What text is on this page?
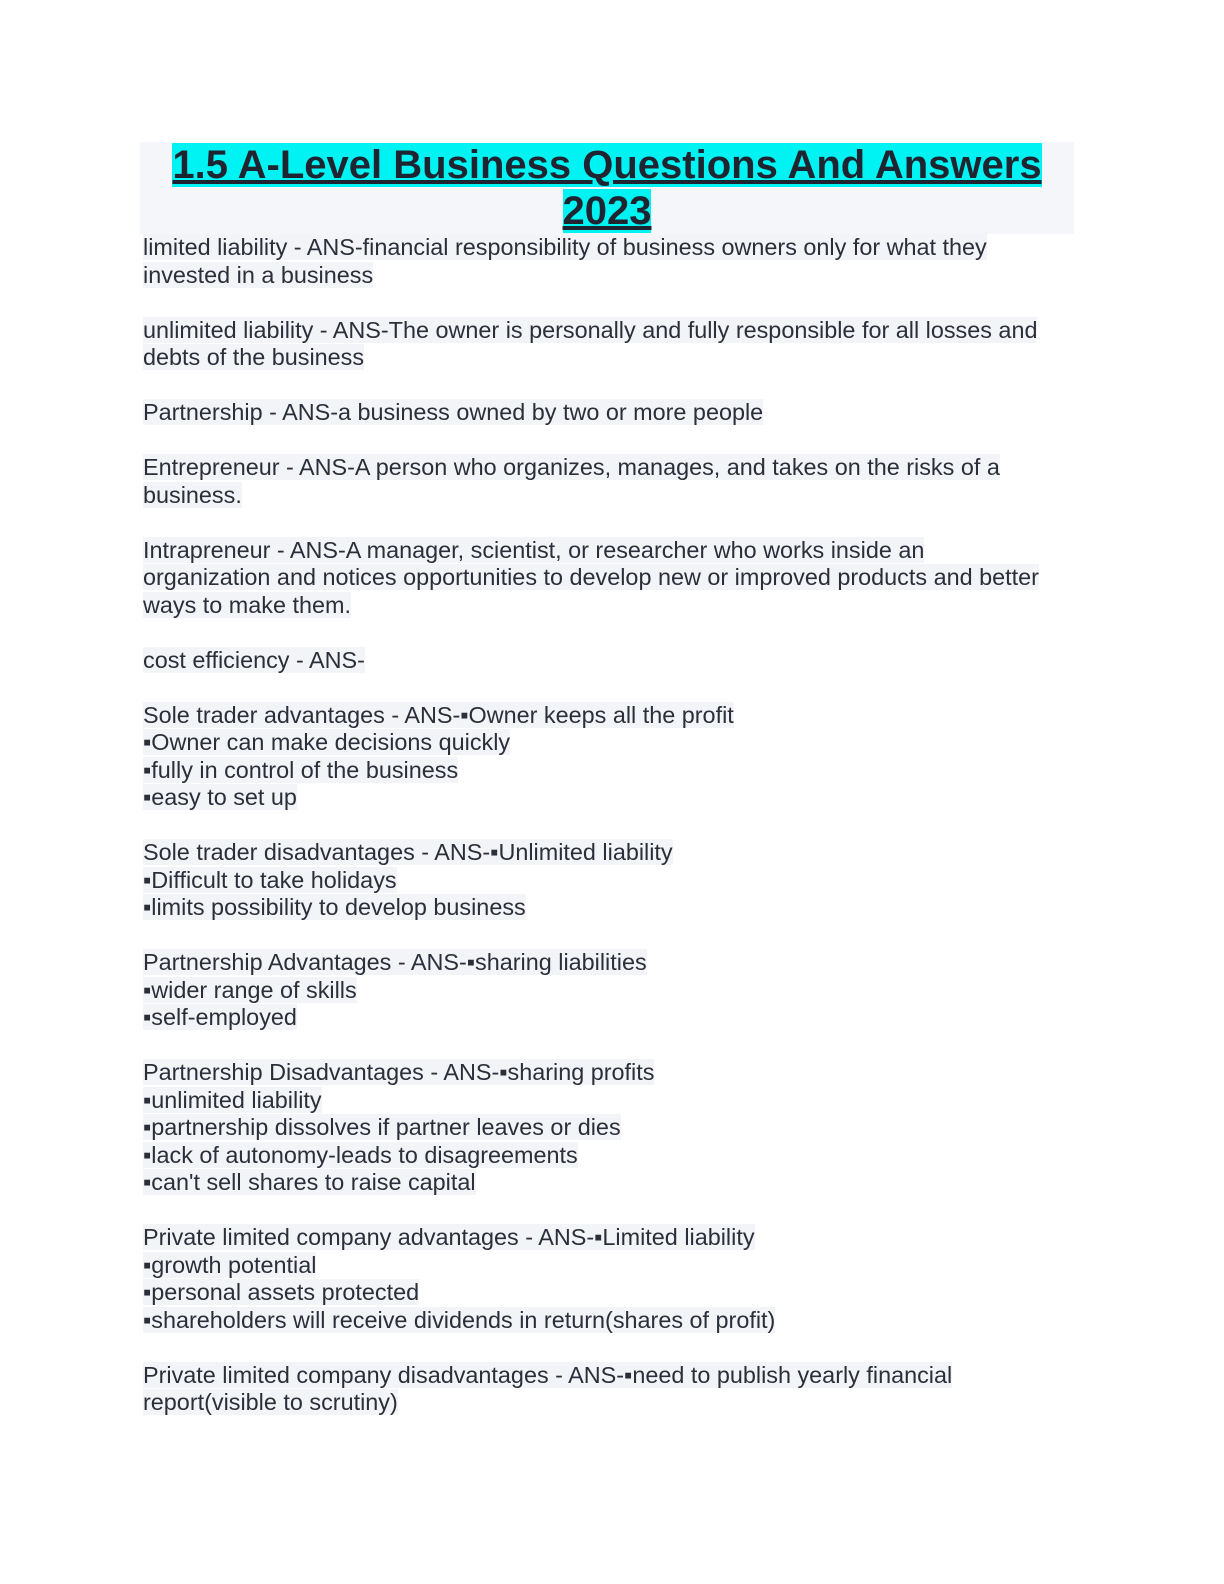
1.5 A-Level Business Questions And Answers
2023
limited liability - ANS-financial responsibility of business owners only for what they
invested in a business
unlimited liability - ANS-The owner is personally and fully responsible for all losses and
debts of the business
Partnership - ANS-a business owned by two or more people
Entrepreneur - ANS-A person who organizes, manages, and takes on the risks of a
business.
Intrapreneur - ANS-A manager, scientist, or researcher who works inside an
organization and notices opportunities to develop new or improved products and better
ways to make them.
cost efficiency - ANS-
Sole trader advantages - ANS-▪Owner keeps all the profit
▪Owner can make decisions quickly
▪fully in control of the business
▪easy to set up
Sole trader disadvantages - ANS-▪Unlimited liability
▪Difficult to take holidays
▪limits possibility to develop business
Partnership Advantages - ANS-▪sharing liabilities
▪wider range of skills
▪self-employed
Partnership Disadvantages - ANS-▪sharing profits
▪unlimited liability
▪partnership dissolves if partner leaves or dies
▪lack of autonomy-leads to disagreements
▪can't sell shares to raise capital
Private limited company advantages - ANS-▪Limited liability
▪growth potential
▪personal assets protected
▪shareholders will receive dividends in return(shares of profit)
Private limited company disadvantages - ANS-▪need to publish yearly financial
report(visible to scrutiny)
